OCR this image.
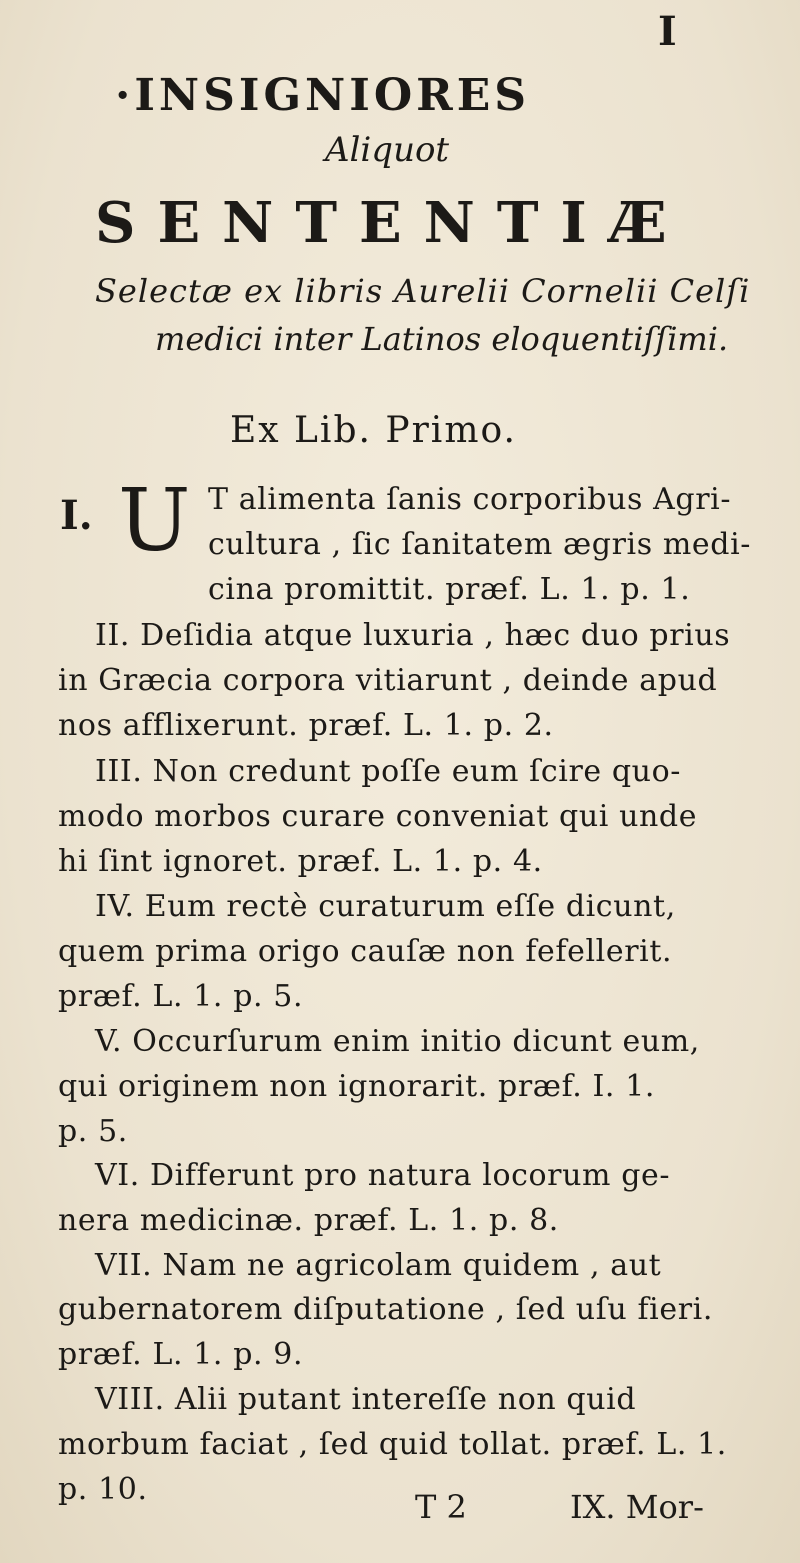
I
·INSIGNIORES
Aliquot
SENTENTIÆ
Selectæ ex libris Aurelii Cornelii Celſi
medici inter Latinos eloquentiſſimi.
Ex Lib. Primo.
I. U T alimenta ſanis corporibus Agri-
cultura , ſic ſanitatem ægris medi-
cina promittit. præf. L. 1. p. 1.
II. Deſidia atque luxuria , hæc duo prius
in Græcia corpora vitiarunt , deinde apud
nos afflixerunt. præf. L. 1. p. 2.
III. Non credunt poſſe eum ſcire quo-
modo morbos curare conveniat qui unde
hi ſint ignoret. præf. L. 1. p. 4.
IV. Eum rectè curaturum eſſe dicunt,
quem prima origo cauſæ non fefellerit.
præf. L. 1. p. 5.
V. Occurſurum enim initio dicunt eum,
qui originem non ignorarit. præf. I. 1.
p. 5.
VI. Differunt pro natura locorum ge-
nera medicinæ. præf. L. 1. p. 8.
VII. Nam ne agricolam quidem , aut
gubernatorem diſputatione , ſed uſu fieri.
præf. L. 1. p. 9.
VIII. Alii putant intereſſe non quid
morbum faciat , ſed quid tollat. præf. L. 1.
p. 10.	T 2	IX. Mor-
